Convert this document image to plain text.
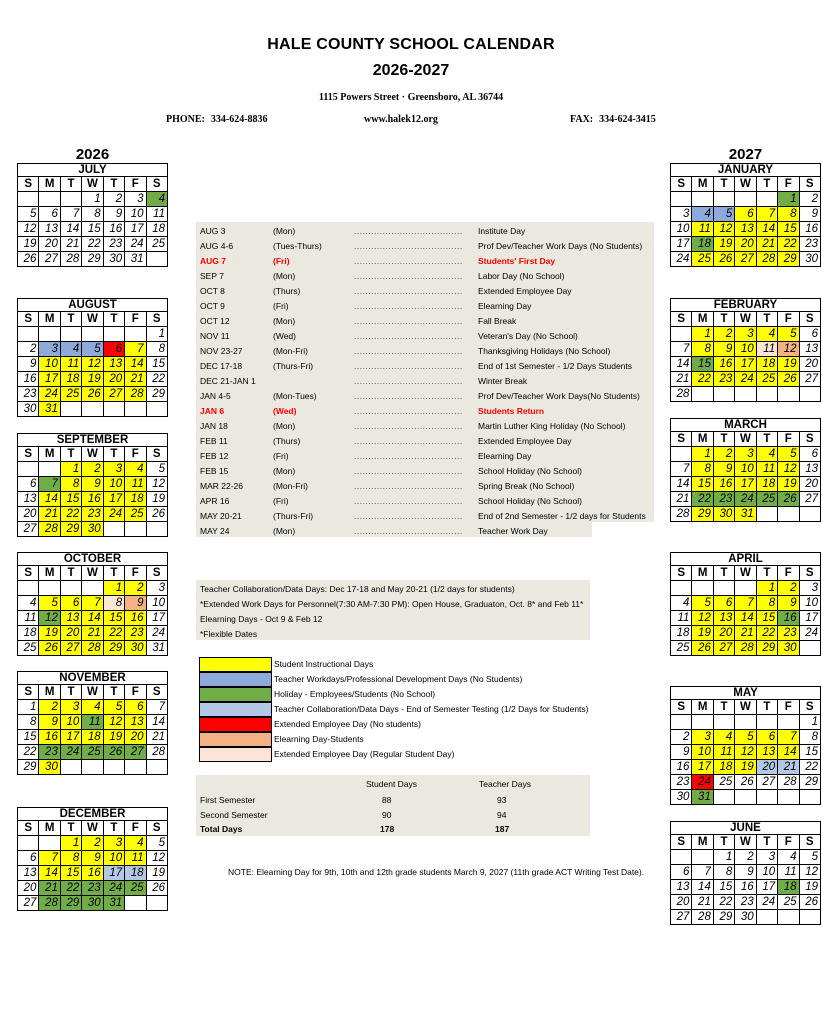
HALE COUNTY SCHOOL CALENDAR
2026-2027
1115 Powers Street · Greensboro, AL 36744
PHONE: 334-624-8836	www.halek12.org	FAX: 334-624-3415
2026	2027
JULY
S	M	T	W	T	F	S
			1	2	3	4
5	6	7	8	9	10	11
12	13	14	15	16	17	18
19	20	21	22	23	24	25
26	27	28	29	30	31	
AUGUST
S	M	T	W	T	F	S
						1
2	3	4	5	6	7	8
9	10	11	12	13	14	15
16	17	18	19	20	21	22
23	24	25	26	27	28	29
30	31					
SEPTEMBER
S	M	T	W	T	F	S
		1	2	3	4	5
6	7	8	9	10	11	12
13	14	15	16	17	18	19
20	21	22	23	24	25	26
27	28	29	30			
OCTOBER
S	M	T	W	T	F	S
				1	2	3
4	5	6	7	8	9	10
11	12	13	14	15	16	17
18	19	20	21	22	23	24
25	26	27	28	29	30	31
NOVEMBER
S	M	T	W	T	F	S
1	2	3	4	5	6	7
8	9	10	11	12	13	14
15	16	17	18	19	20	21
22	23	24	25	26	27	28
29	30					
DECEMBER
S	M	T	W	T	F	S
		1	2	3	4	5
6	7	8	9	10	11	12
13	14	15	16	17	18	19
20	21	22	23	24	25	26
27	28	29	30	31		
JANUARY
S	M	T	W	T	F	S
					1	2
3	4	5	6	7	8	9
10	11	12	13	14	15	16
17	18	19	20	21	22	23
24	25	26	27	28	29	30
FEBRUARY
S	M	T	W	T	F	S
	1	2	3	4	5	6
7	8	9	10	11	12	13
14	15	16	17	18	19	20
21	22	23	24	25	26	27
28						
MARCH
S	M	T	W	T	F	S
	1	2	3	4	5	6
7	8	9	10	11	12	13
14	15	16	17	18	19	20
21	22	23	24	25	26	27
28	29	30	31			
APRIL
S	M	T	W	T	F	S
				1	2	3
4	5	6	7	8	9	10
11	12	13	14	15	16	17
18	19	20	21	22	23	24
25	26	27	28	29	30	
MAY
S	M	T	W	T	F	S
						1
2	3	4	5	6	7	8
9	10	11	12	13	14	15
16	17	18	19	20	21	22
23	24	25	26	27	28	29
30	31					
JUNE
S	M	T	W	T	F	S
		1	2	3	4	5
6	7	8	9	10	11	12
13	14	15	16	17	18	19
20	21	22	23	24	25	26
27	28	29	30			
AUG 3	(Mon)	...................................... Institute Day
AUG 4-6	(Tues-Thurs)	...................................... Prof Dev/Teacher Work Days (No Students)
AUG 7	(Fri)	...................................... Students' First Day
SEP 7	(Mon)	...................................... Labor Day (No School)
OCT 8	(Thurs)	...................................... Extended Employee Day
OCT 9	(Fri)	...................................... Elearning Day
OCT 12	(Mon)	...................................... Fall Break
NOV 11	(Wed)	...................................... Veteran's Day (No School)
NOV 23-27	(Mon-Fri)	...................................... Thanksgiving Holidays (No School)
DEC 17-18	(Thurs-Fri)	...................................... End of 1st Semester - 1/2 Days Students
DEC 21-JAN 1	...................................... Winter Break
JAN 4-5	(Mon-Tues)	...................................... Prof Dev/Teacher Work Days(No Students)
JAN 6	(Wed)	...................................... Students Return
JAN 18	(Mon)	...................................... Martin Luther King Holiday (No School)
FEB 11	(Thurs)	...................................... Extended Employee Day
FEB 12	(Fri)	...................................... Elearning Day
FEB 15	(Mon)	...................................... School Holiday (No School)
MAR 22-26	(Mon-Fri)	...................................... Spring Break (No School)
APR 16	(Fri)	...................................... School Holiday (No School)
MAY 20-21	(Thurs-Fri)	...................................... End of 2nd Semester - 1/2 days for Students
MAY 24	(Mon)	...................................... Teacher Work Day
Teacher Collaboration/Data Days: Dec 17-18 and May 20-21 (1/2 days for students)
*Extended Work Days for Personnel(7:30 AM-7:30 PM): Open House, Graduaton, Oct. 8* and Feb 11*
Elearning Days - Oct 9 & Feb 12
*Flexible Dates
Student Instructional Days
Teacher Workdays/Professional Development Days (No Students)
Holiday - Employees/Students (No School)
Teacher Collaboration/Data Days - End of Semester Testing (1/2 Days for Students)
Extended Employee Day (No students)
Elearning Day-Students
Extended Employee Day (Regular Student Day)
Student Days	Teacher Days
First Semester	88	93
Second Semester	90	94
Total Days	178	187
NOTE: Elearning Day for 9th, 10th and 12th grade students March 9, 2027 (11th grade ACT Writing Test Date).
